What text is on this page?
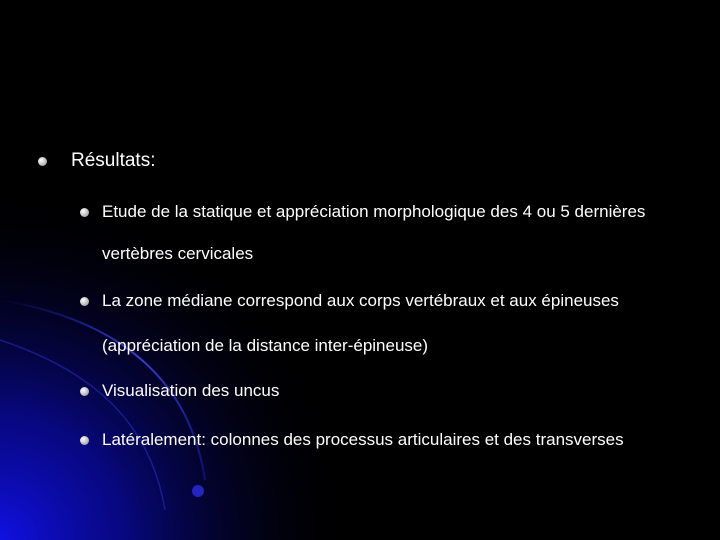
Résultats:
Etude de la statique et appréciation morphologique des 4 ou 5 dernières
vertèbres cervicales
La zone médiane correspond aux corps vertébraux et aux épineuses
(appréciation de la distance inter-épineuse)
Visualisation des uncus
Latéralement: colonnes des processus articulaires et des transverses
